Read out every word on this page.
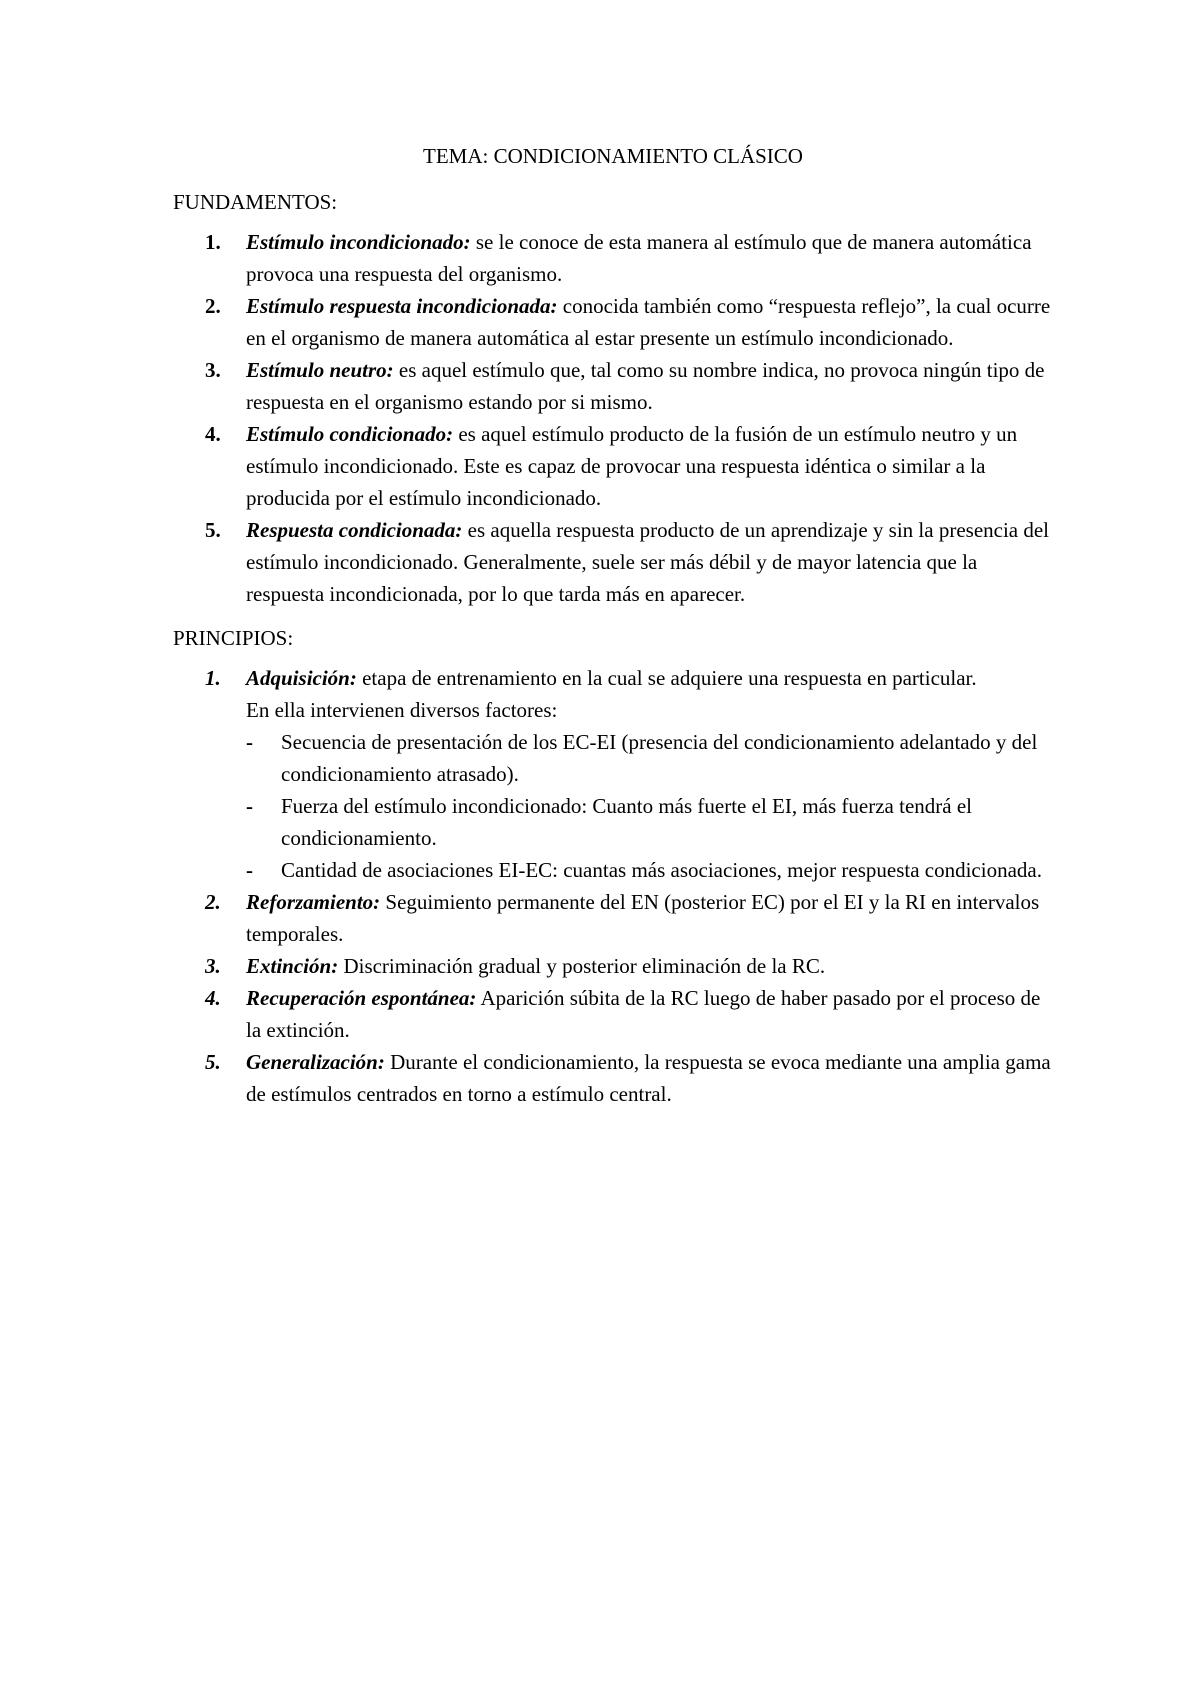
TEMA: CONDICIONAMIENTO CLÁSICO
FUNDAMENTOS:
1.	Estímulo incondicionado: se le conoce de esta manera al estímulo que de manera automática provoca una respuesta del organismo.
2.	Estímulo respuesta incondicionada: conocida también como “respuesta reflejo”, la cual ocurre en el organismo de manera automática al estar presente un estímulo incondicionado.
3.	Estímulo neutro: es aquel estímulo que, tal como su nombre indica, no provoca ningún tipo de respuesta en el organismo estando por si mismo.
4.	Estímulo condicionado: es aquel estímulo producto de la fusión de un estímulo neutro y un estímulo incondicionado. Este es capaz de provocar una respuesta idéntica o similar a la producida por el estímulo incondicionado.
5.	Respuesta condicionada: es aquella respuesta producto de un aprendizaje y sin la presencia del estímulo incondicionado. Generalmente, suele ser más débil y de mayor latencia que la respuesta incondicionada, por lo que tarda más en aparecer.
PRINCIPIOS:
1.	Adquisición: etapa de entrenamiento en la cual se adquiere una respuesta en particular.
En ella intervienen diversos factores:
- Secuencia de presentación de los EC-EI (presencia del condicionamiento adelantado y del condicionamiento atrasado).
- Fuerza del estímulo incondicionado: Cuanto más fuerte el EI, más fuerza tendrá el condicionamiento.
- Cantidad de asociaciones EI-EC: cuantas más asociaciones, mejor respuesta condicionada.
2.	Reforzamiento: Seguimiento permanente del EN (posterior EC) por el EI y la RI en intervalos temporales.
3.	Extinción: Discriminación gradual y posterior eliminación de la RC.
4.	Recuperación espontánea: Aparición súbita de la RC luego de haber pasado por el proceso de la extinción.
5.	Generalización: Durante el condicionamiento, la respuesta se evoca mediante una amplia gama de estímulos centrados en torno a estímulo central.
